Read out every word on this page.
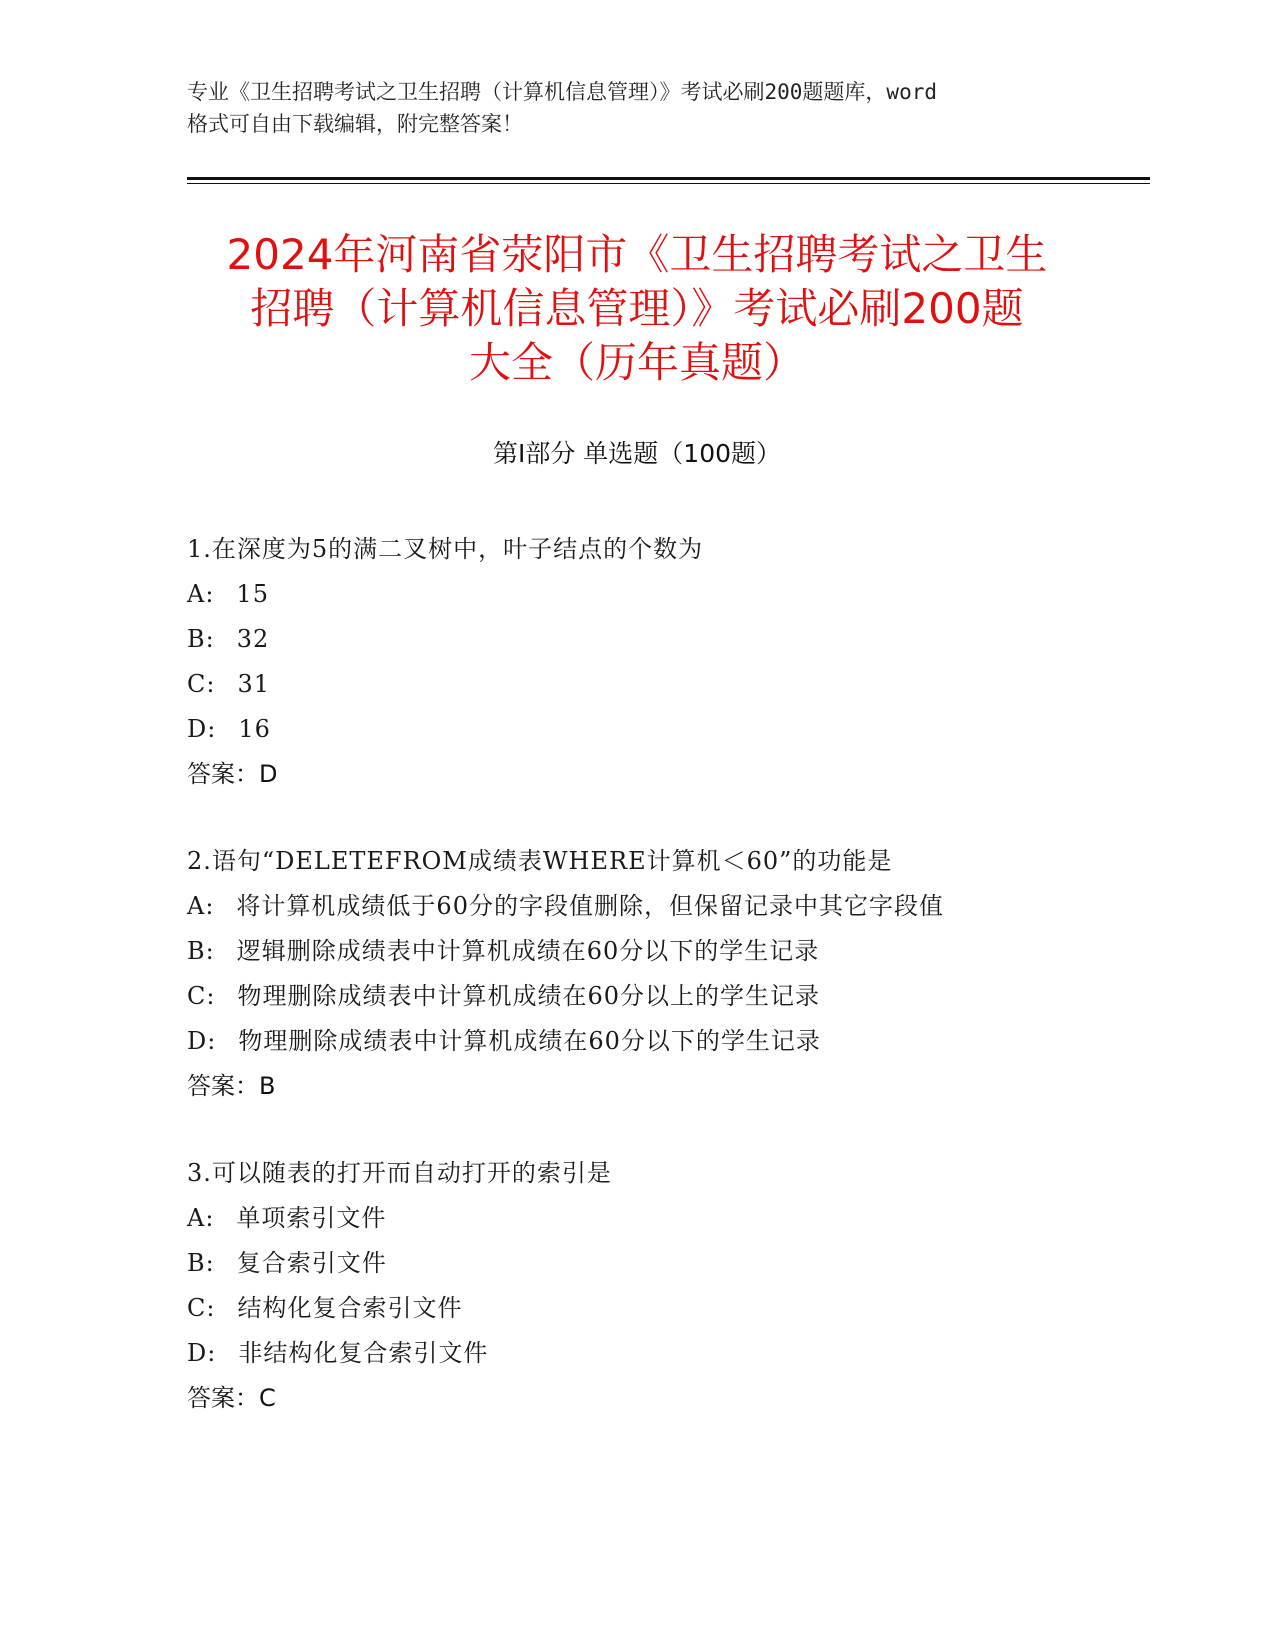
专业《卫生招聘考试之卫生招聘（计算机信息管理）》考试必刷200题题库，word
格式可自由下载编辑，附完整答案！
2024年河南省荥阳市《卫生招聘考试之卫生
招聘（计算机信息管理）》考试必刷200题
大全（历年真题）
第Ⅰ部分 单选题（100题）
1.在深度为5的满二叉树中，叶子结点的个数为
A: 15
B: 32
C: 31
D: 16
答案：D
2.语句“DELETEFROM成绩表WHERE计算机＜60”的功能是
A: 将计算机成绩低于60分的字段值删除，但保留记录中其它字段值
B: 逻辑删除成绩表中计算机成绩在60分以下的学生记录
C: 物理删除成绩表中计算机成绩在60分以上的学生记录
D: 物理删除成绩表中计算机成绩在60分以下的学生记录
答案：B
3.可以随表的打开而自动打开的索引是
A: 单项索引文件
B: 复合索引文件
C: 结构化复合索引文件
D: 非结构化复合索引文件
答案：C
